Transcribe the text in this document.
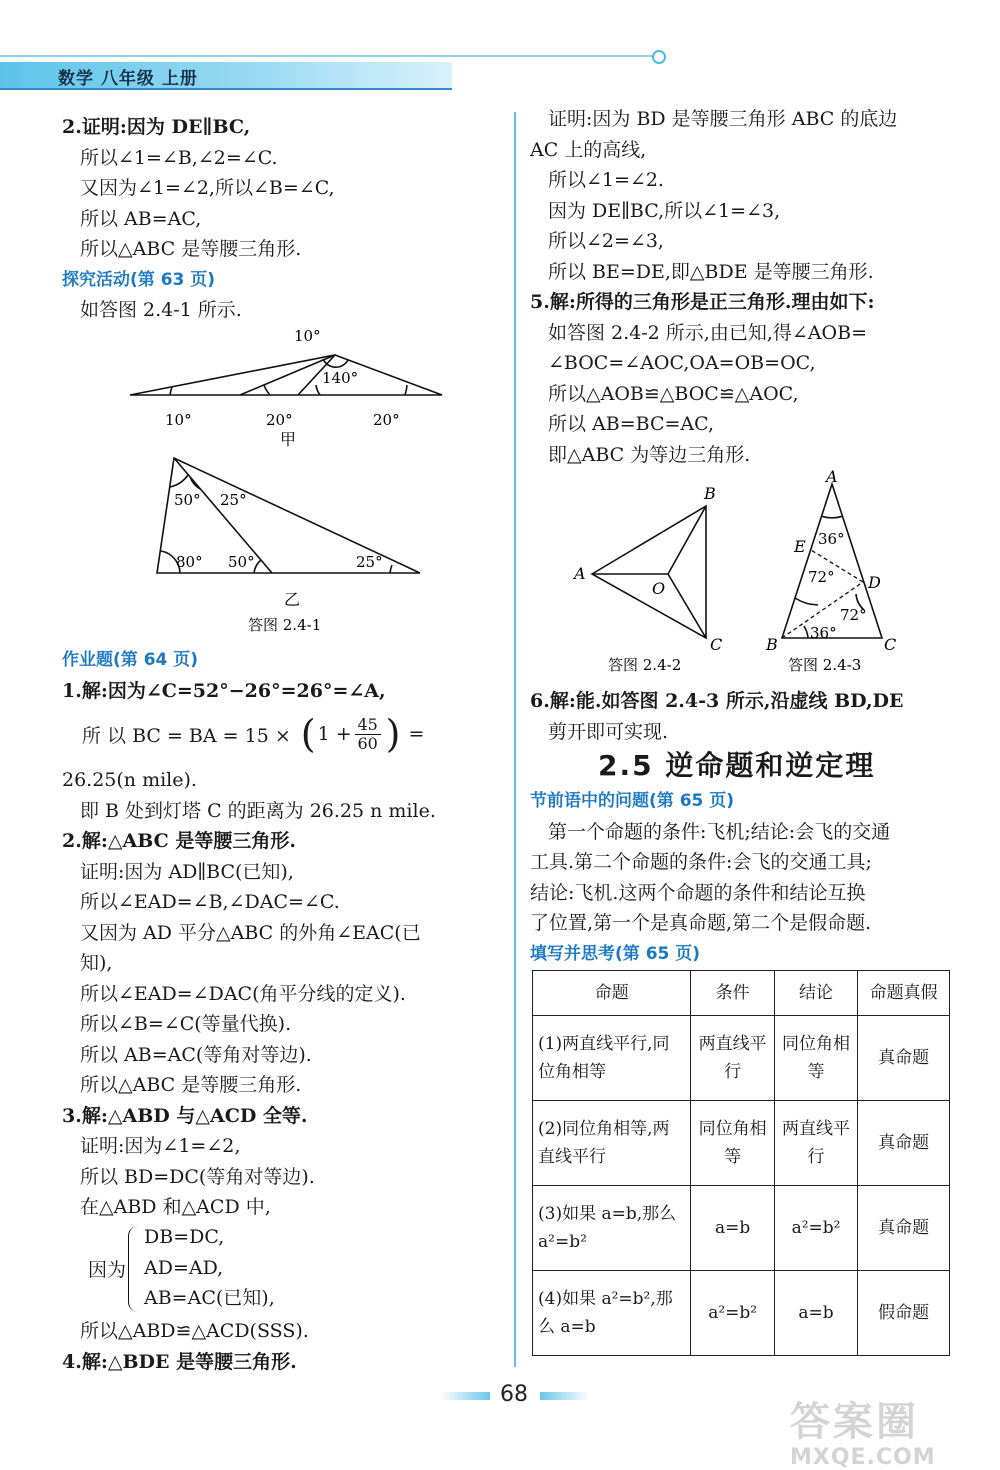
数学 八年级 上册

2.证明:因为 DE∥BC,

所以∠1=∠B,∠2=∠C.

又因为∠1=∠2,所以∠B=∠C,

所以 AB=AC,

所以△ABC 是等腰三角形.

探究活动(第 63 页)

如答图 2.4-1 所示.

10°
140°
10°	20°	20°
甲
50° 25°
80° 50°	25°
乙
答图 2.4-1

作业题(第 64 页)

1.解:因为∠C=52°−26°=26°=∠A,

所 以 BC = BA = 15 × ( 1 + 45
60 ) =

26.25(n mile).

即 B 处到灯塔 C 的距离为 26.25 n mile.

2.解:△ABC 是等腰三角形.

证明:因为 AD∥BC(已知),

所以∠EAD=∠B,∠DAC=∠C.

又因为 AD 平分△ABC 的外角∠EAC(已

知),

所以∠EAD=∠DAC(角平分线的定义).

所以∠B=∠C(等量代换).

所以 AB=AC(等角对等边).

所以△ABC 是等腰三角形.

3.解:△ABD 与△ACD 全等.

证明:因为∠1=∠2,

所以 BD=DC(等角对等边).

在△ABD 和△ACD 中,

因为

DB=DC,

AD=AD,

AB=AC(已知),

所以△ABD≌△ACD(SSS).

4.解:△BDE 是等腰三角形.

证明:因为 BD 是等腰三角形 ABC 的底边

AC 上的高线,

所以∠1=∠2.

因为 DE∥BC,所以∠1=∠3,

所以∠2=∠3,

所以 BE=DE,即△BDE 是等腰三角形.

5.解:所得的三角形是正三角形.理由如下:

如答图 2.4-2 所示,由已知,得∠AOB=

∠BOC=∠AOC,OA=OB=OC,

所以△AOB≌△BOC≌△AOC,

所以 AB=BC=AC,

即△ABC 为等边三角形.

A
B
C
O
答图 2.4-2
A
B	C
D
E 36°
72°
72°
36°
答图 2.4-3

6.解:能.如答图 2.4-3 所示,沿虚线 BD,DE

剪开即可实现.

2.5 逆命题和逆定理

节前语中的问题(第 65 页)

第一个命题的条件:飞机;结论:会飞的交通

工具.第二个命题的条件:会飞的交通工具;

结论:飞机.这两个命题的条件和结论互换

了位置,第一个是真命题,第二个是假命题.

填写并思考(第 65 页)

命题	条件	结论	命题真假
(1)两直线平行,同位角相等	两直线平行	同位角相等	真命题
(2)同位角相等,两直线平行	同位角相等	两直线平行	真命题
(3)如果 a=b,那么 a²=b²	a=b	a²=b²	真命题
(4)如果 a²=b²,那么 a=b	a²=b²	a=b	假命题
68
答案圈
MXQE.COM
